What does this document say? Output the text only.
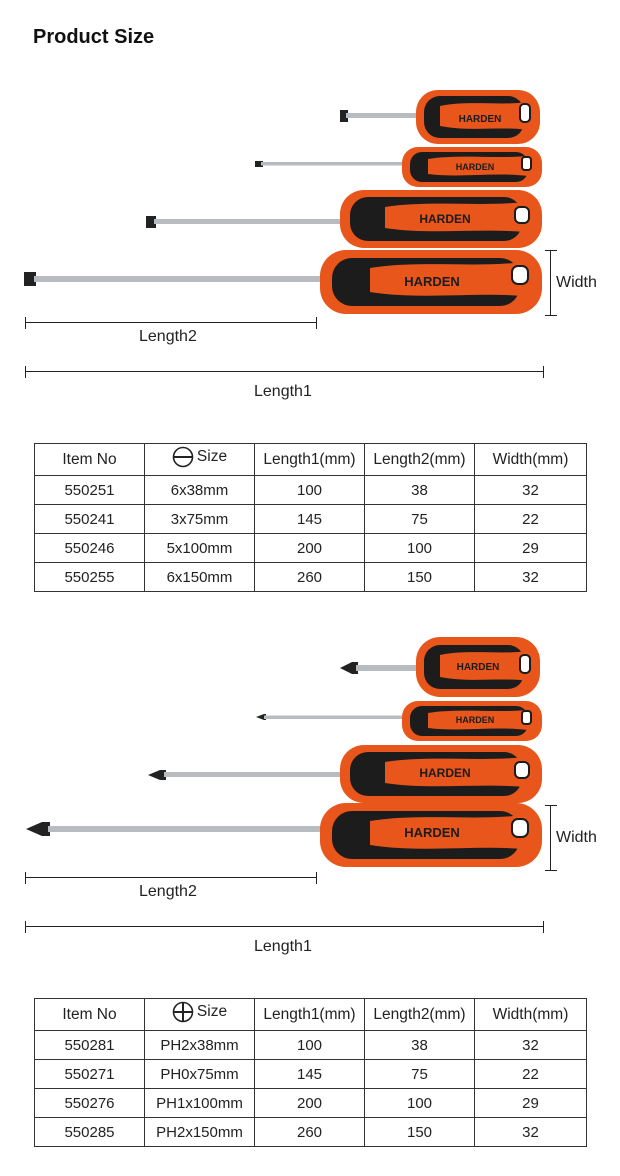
Product Size
HARDEN
HARDEN
HARDEN
HARDEN	Width
Length2
Length1
Item No	Size	Length1(mm)	Length2(mm)	Width(mm)
550251	6x38mm	100	38	32
550241	3x75mm	145	75	22
550246	5x100mm	200	100	29
550255	6x150mm	260	150	32
HARDEN
HARDEN
HARDEN
HARDEN	Width
Length2
Length1
Item No	Size	Length1(mm)	Length2(mm)	Width(mm)
550281	PH2x38mm	100	38	32
550271	PH0x75mm	145	75	22
550276	PH1x100mm	200	100	29
550285	PH2x150mm	260	150	32
